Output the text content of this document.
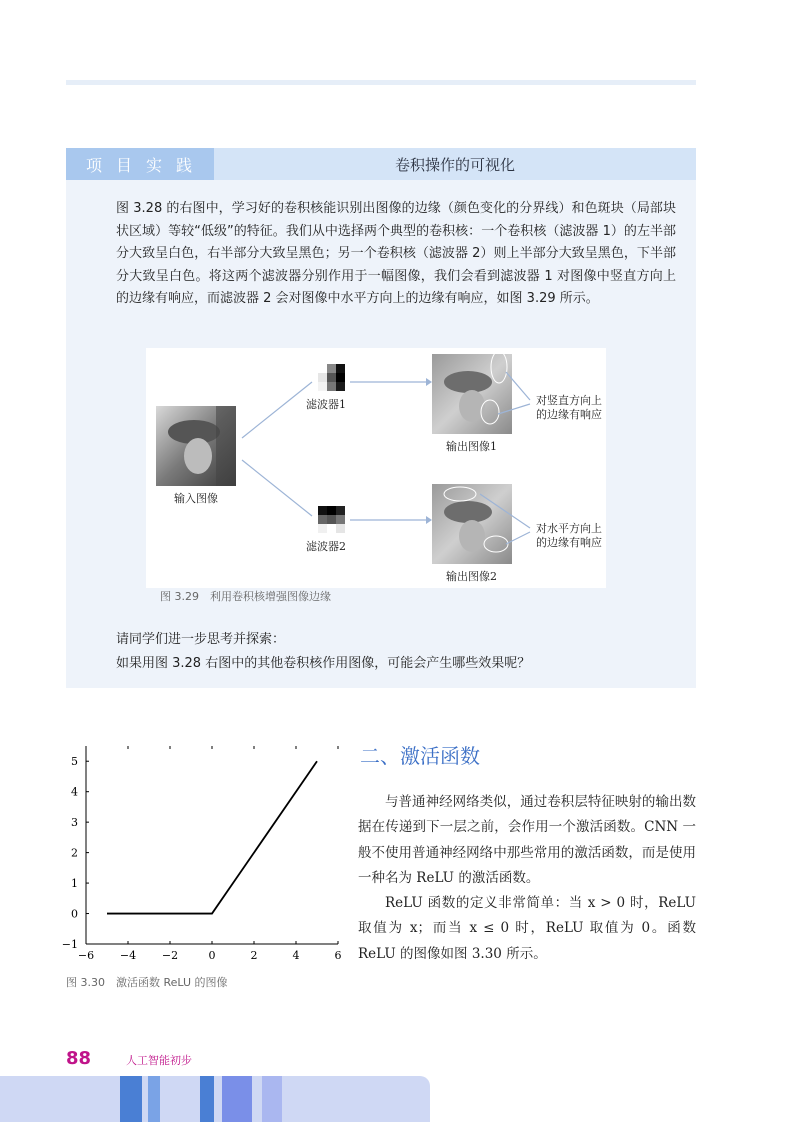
项目实践	卷积操作的可视化

图 3.28 的右图中，学习好的卷积核能识别出图像的边缘（颜色变化的分界线）和色斑块（局部块状区域）等较“低级”的特征。我们从中选择两个典型的卷积核：一个卷积核（滤波器 1）的左半部分大致呈白色，右半部分大致呈黑色；另一个卷积核（滤波器 2）则上半部分大致呈黑色，下半部分大致呈白色。将这两个滤波器分别作用于一幅图像，我们会看到滤波器 1 对图像中竖直方向上的边缘有响应，而滤波器 2 会对图像中水平方向上的边缘有响应，如图 3.29 所示。

输入图像
滤波器1
滤波器2
输出图像1
输出图像2
对竖直方向上
的边缘有响应
对水平方向上
的边缘有响应
图 3.29　利用卷积核增强图像边缘

请同学们进一步思考并探索：

如果用图 3.28 右图中的其他卷积核作用图像，可能会产生哪些效果呢？

−6 −4 −2	0	2	4	6
−1
0
1
2
3
4
5
图 3.30　激活函数 ReLU 的图像
二、激活函数

与普通神经网络类似，通过卷积层特征映射的输出数据在传递到下一层之前，会作用一个激活函数。CNN 一般不使用普通神经网络中那些常用的激活函数，而是使用一种名为 ReLU 的激活函数。

ReLU 函数的定义非常简单：当 x > 0 时，ReLU 取值为 x；而当 x ≤ 0 时，ReLU 取值为 0。函数 ReLU 的图像如图 3.30 所示。

88	人工智能初步
